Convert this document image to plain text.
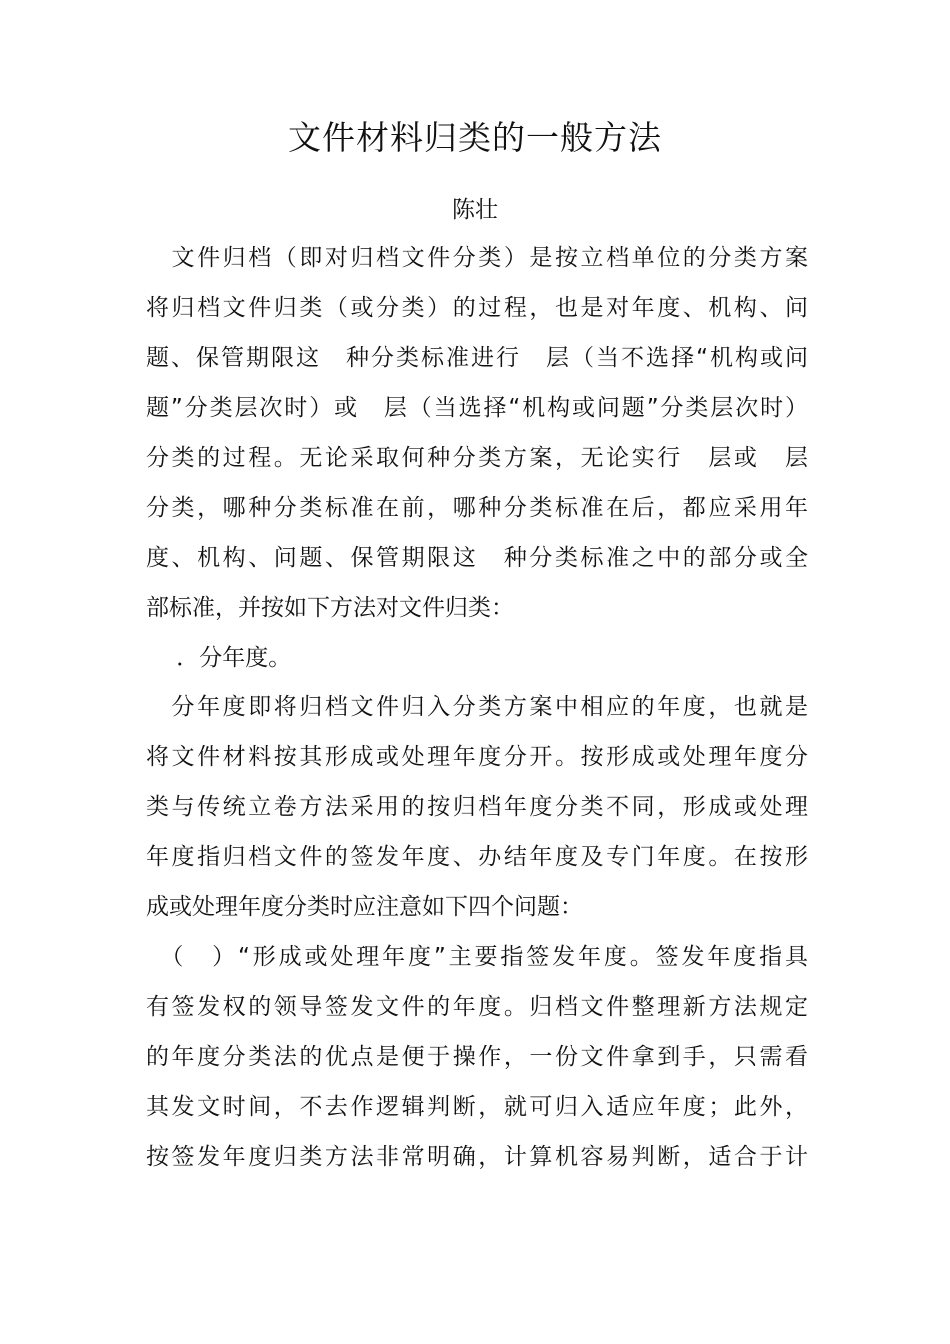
文件材料归类的一般方法

陈壮

　文件归档（即对归档文件分类）是按立档单位的分类方案

将归档文件归类（或分类）的过程，也是对年度、机构、问

题、保管期限这　种分类标准进行　层（当不选择“机构或问

题”分类层次时）或　层（当选择“机构或问题”分类层次时）

分类的过程。无论采取何种分类方案，无论实行　层或　层

分类，哪种分类标准在前，哪种分类标准在后，都应采用年

度、机构、问题、保管期限这　种分类标准之中的部分或全

部标准，并按如下方法对文件归类：

　 ．分年度。

　分年度即将归档文件归入分类方案中相应的年度，也就是

将文件材料按其形成或处理年度分开。按形成或处理年度分

类与传统立卷方法采用的按归档年度分类不同，形成或处理

年度指归档文件的签发年度、办结年度及专门年度。在按形

成或处理年度分类时应注意如下四个问题：

　（　）“形成或处理年度”主要指签发年度。签发年度指具

有签发权的领导签发文件的年度。归档文件整理新方法规定

的年度分类法的优点是便于操作，一份文件拿到手，只需看

其发文时间，不去作逻辑判断，就可归入适应年度；此外，

按签发年度归类方法非常明确，计算机容易判断，适合于计
